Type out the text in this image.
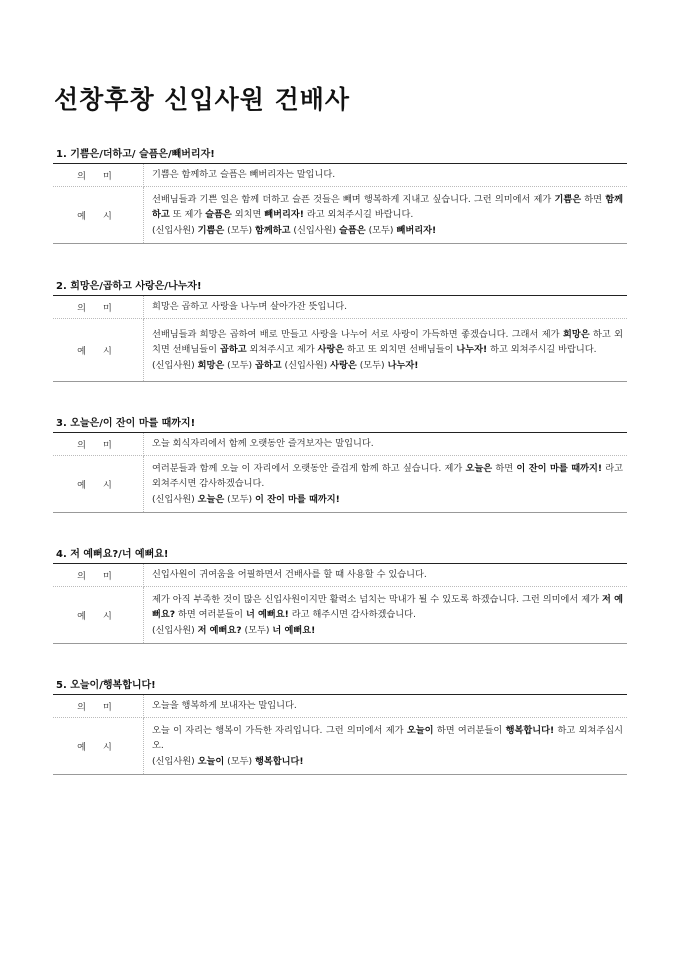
선창후창 신입사원 건배사
1. 기쁨은/더하고/ 슬픔은/빼버리자!
의 미	기쁨은 함께하고 슬픔은 빼버리자는 말입니다.
예 시	선배님들과 기쁜 일은 함께 더하고 슬픈 것들은 빼며 행복하게 지내고 싶습니다. 그런 의미에서 제가 기쁨은 하면 함께하고 또 제가 슬픔은 외치면 빼버리자! 라고 외쳐주시길 바랍니다.
(신입사원) 기쁨은 (모두) 함께하고 (신입사원) 슬픔은 (모두) 빼버리자!
2. 희망은/곱하고 사랑은/나누자!
의 미	희망은 곱하고 사랑을 나누며 살아가잔 뜻입니다.
예 시	선배님들과 희망은 곱하여 배로 만들고 사랑을 나누어 서로 사랑이 가득하면 좋겠습니다. 그래서 제가 희망은 하고 외치면 선배님들이 곱하고 외쳐주시고 제가 사랑은 하고 또 외치면 선배님들이 나누자! 하고 외쳐주시길 바랍니다.
(신입사원) 희망은 (모두) 곱하고 (신입사원) 사랑은 (모두) 나누자!
3. 오늘은/이 잔이 마를 때까지!
의 미	오늘 회식자리에서 함께 오랫동안 즐겨보자는 말입니다.
예 시	여러분들과 함께 오늘 이 자리에서 오랫동안 즐겁게 함께 하고 싶습니다. 제가 오늘은 하면 이 잔이 마를 때까지! 라고 외쳐주시면 감사하겠습니다.
(신입사원) 오늘은 (모두) 이 잔이 마를 때까지!
4. 저 예뻐요?/너 예뻐요!
의 미	신입사원이 귀여움을 어필하면서 건배사를 할 때 사용할 수 있습니다.
예 시	제가 아직 부족한 것이 많은 신입사원이지만 활력소 넘치는 막내가 될 수 있도록 하겠습니다. 그런 의미에서 제가 저 예뻐요? 하면 여러분들이 너 예뻐요! 라고 해주시면 감사하겠습니다.
(신입사원) 저 예뻐요? (모두) 너 예뻐요!
5. 오늘이/행복합니다!
의 미	오늘을 행복하게 보내자는 말입니다.
예 시	오늘 이 자리는 행복이 가득한 자리입니다. 그런 의미에서 제가 오늘이 하면 여러분들이 행복합니다! 하고 외쳐주십시오.
(신입사원) 오늘이 (모두) 행복합니다!
